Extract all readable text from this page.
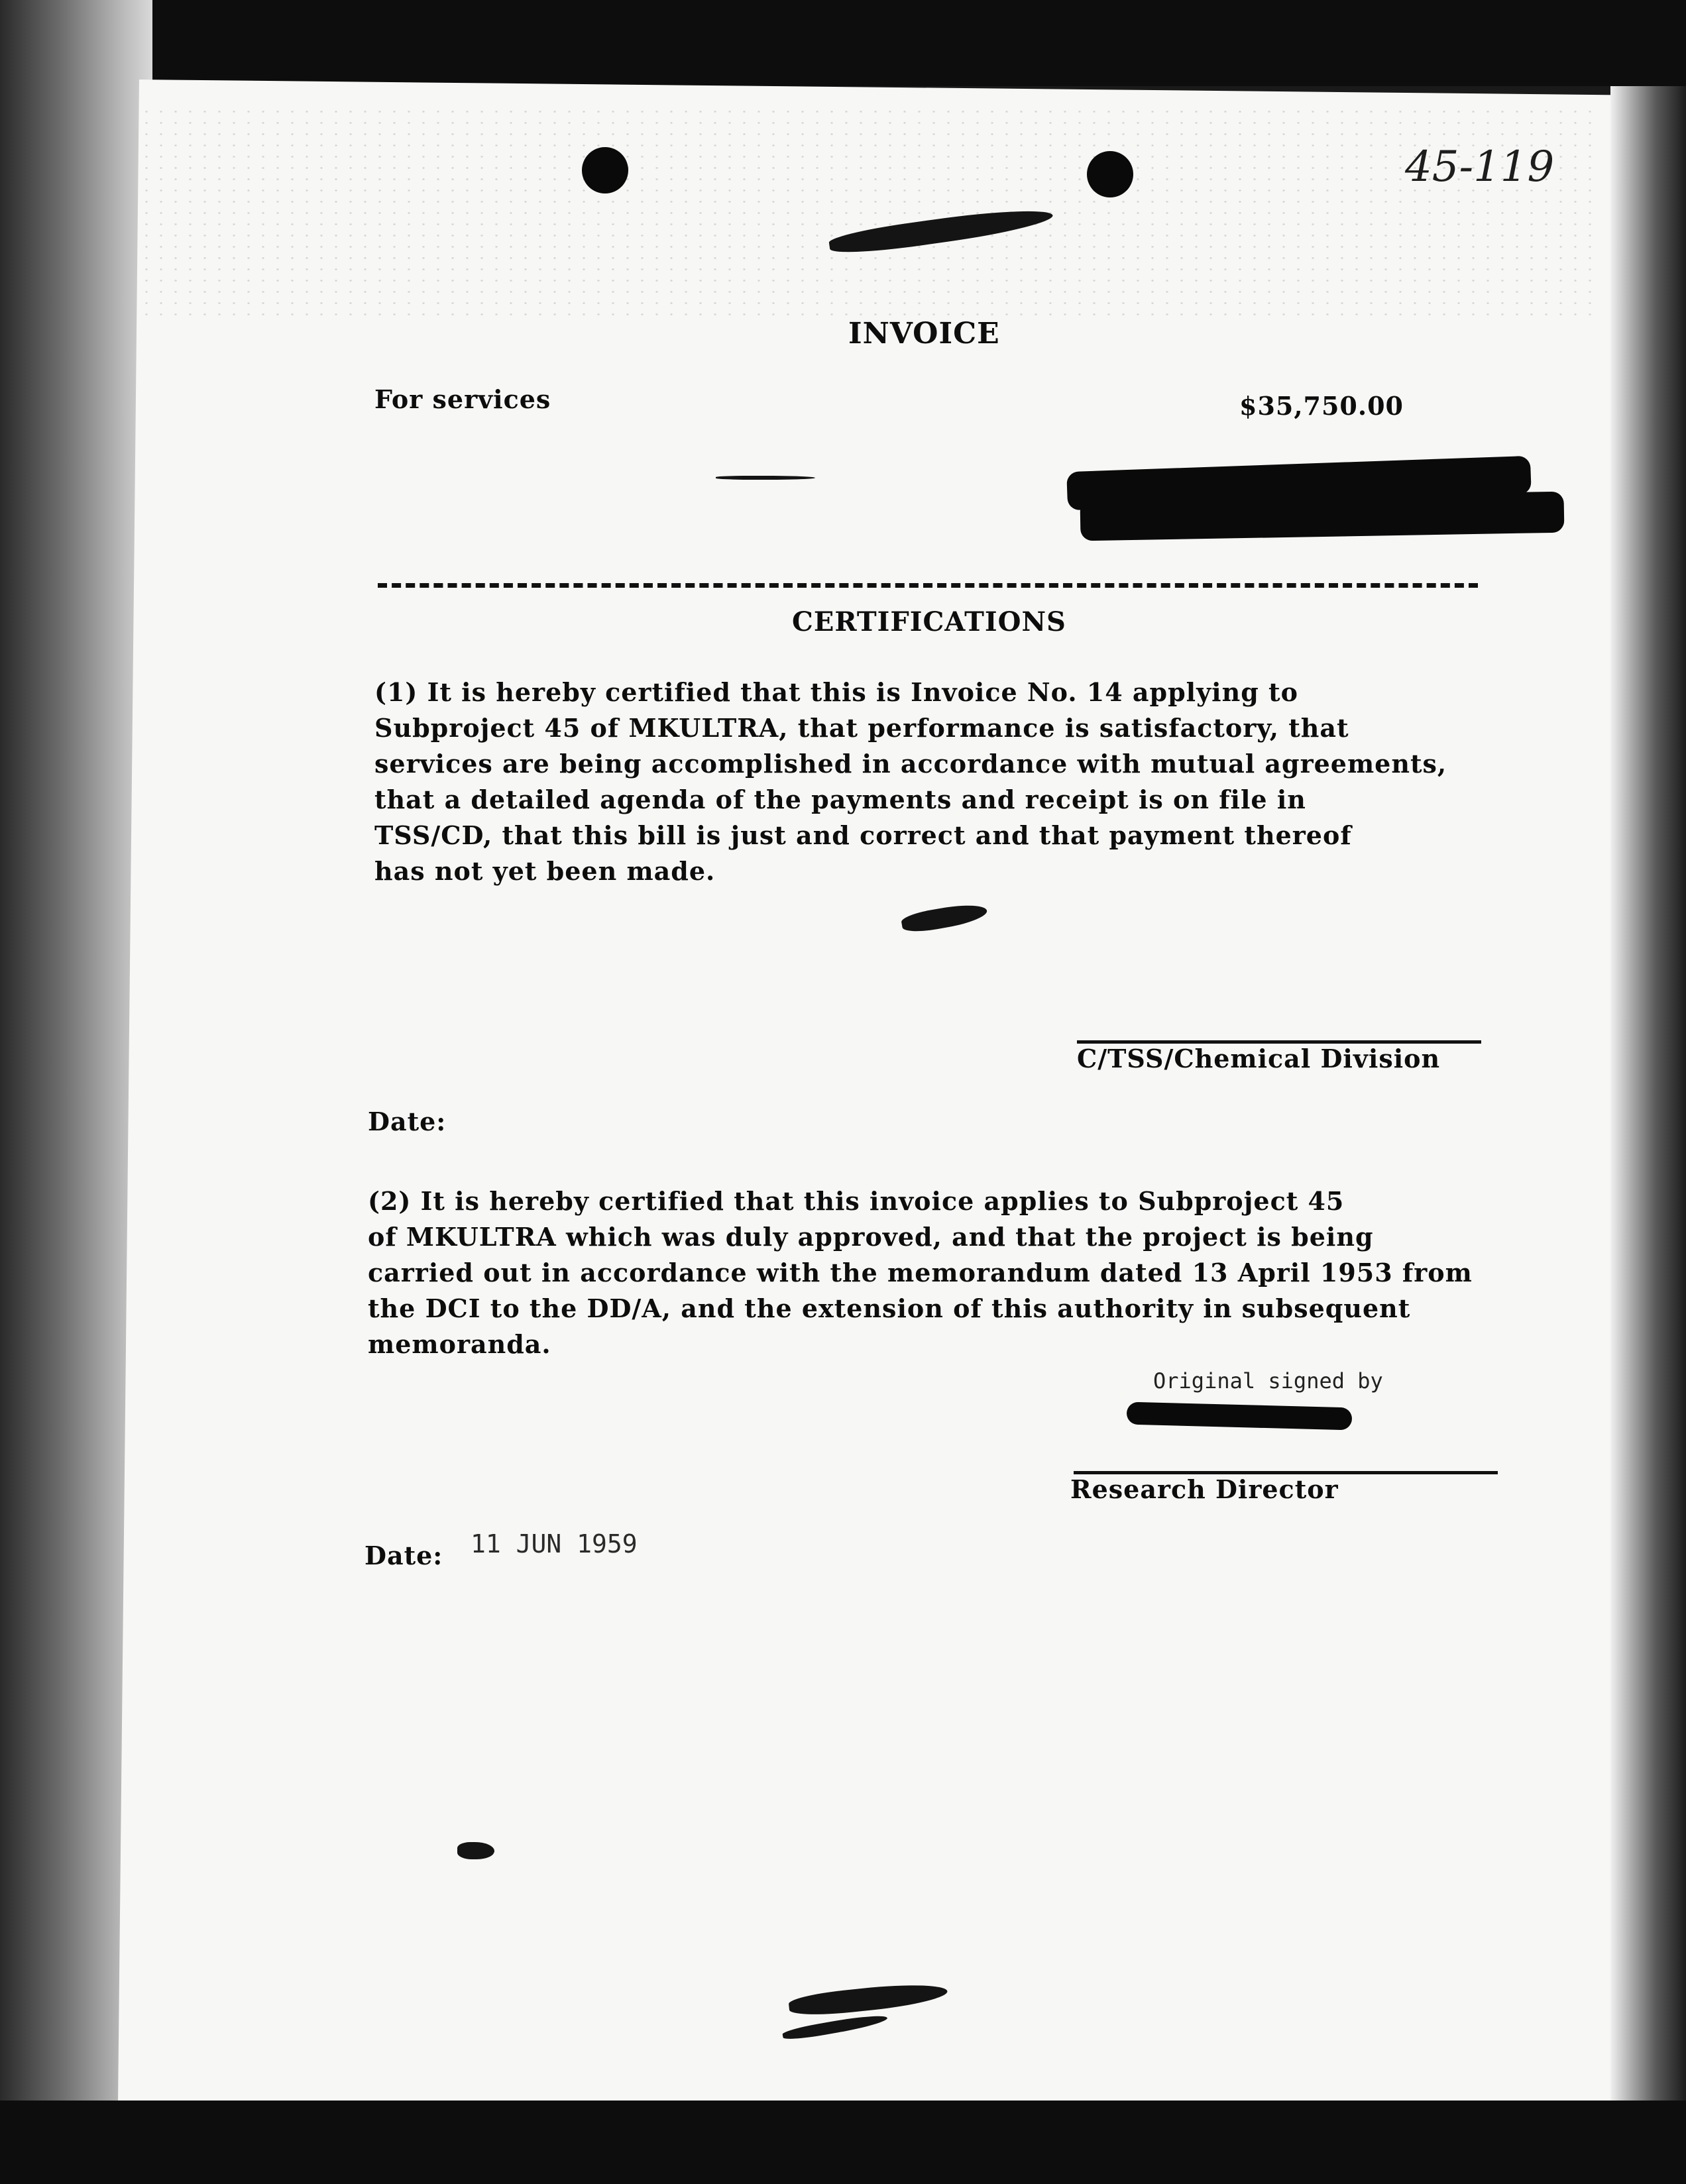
45-119
INVOICE
For services	$35,750.00
CERTIFICATIONS
(1) It is hereby certified that this is Invoice No. 14 applying to
Subproject 45 of MKULTRA, that performance is satisfactory, that
services are being accomplished in accordance with mutual agreements,
that a detailed agenda of the payments and receipt is on file in
TSS/CD, that this bill is just and correct and that payment thereof
has not yet been made.
C/TSS/Chemical Division
Date:
(2) It is hereby certified that this invoice applies to Subproject 45
of MKULTRA which was duly approved, and that the project is being
carried out in accordance with the memorandum dated 13 April 1953 from
the DCI to the DD/A, and the extension of this authority in subsequent
memoranda.
Original signed by
Research Director
Date: 11 JUN 1959
